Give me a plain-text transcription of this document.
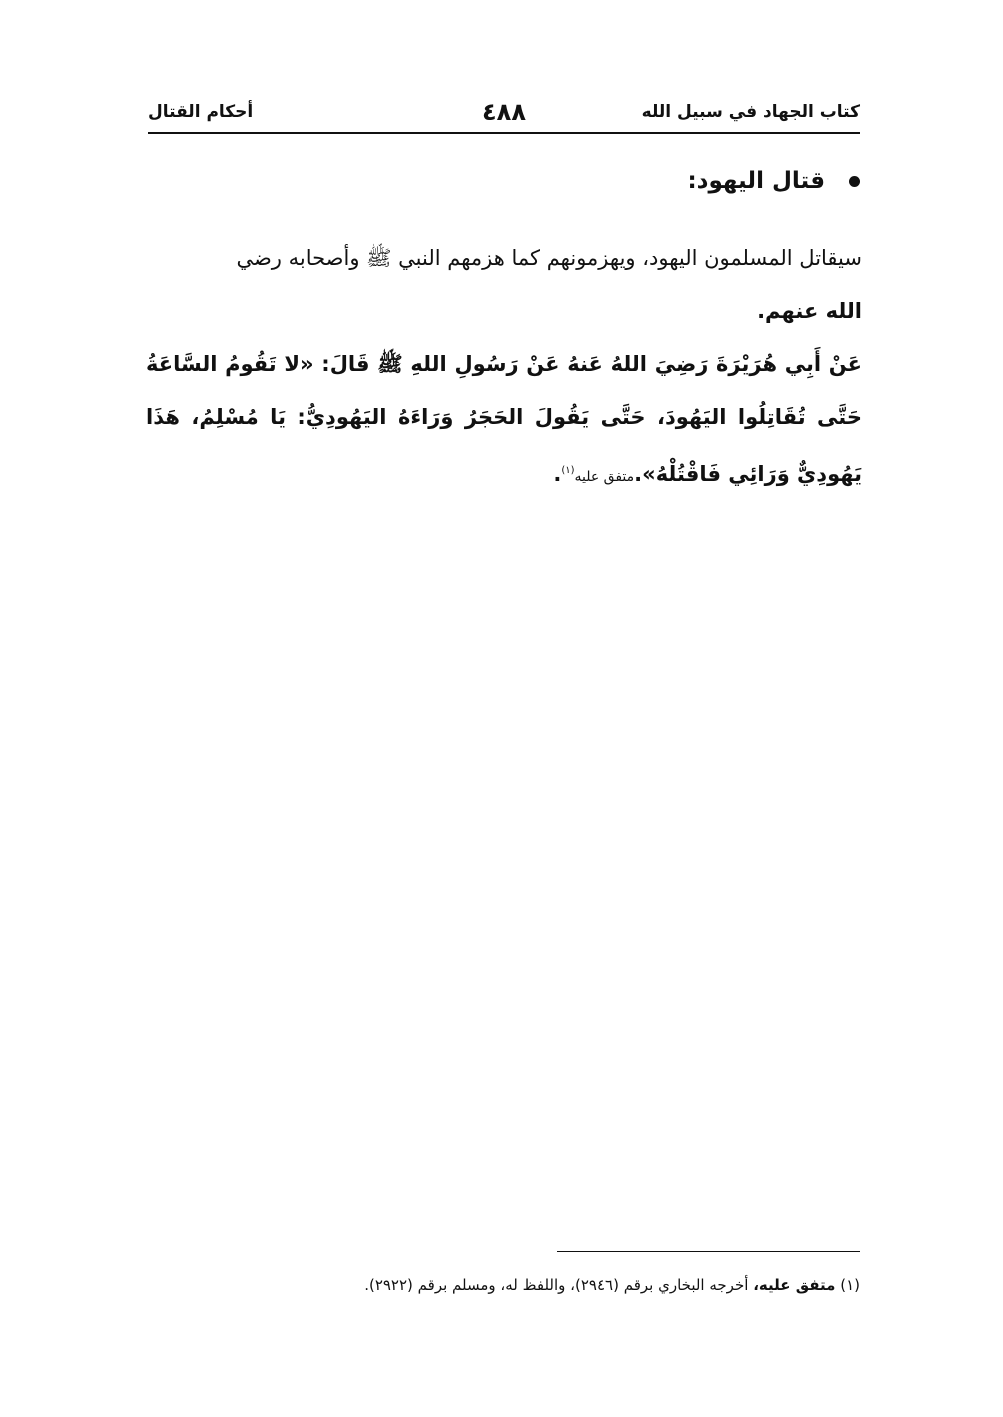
كتاب الجهاد في سبيل الله
٤٨٨
أحكام القتال
قتال اليهود:
سيقاتل المسلمون اليهود، ويهزمونهم كما هزمهم النبي ﷺ وأصحابه رضي
الله عنهم.
عَنْ أَبِي هُرَيْرَةَ رَضِيَ اللهُ عَنهُ عَنْ رَسُولِ اللهِ ﷺ قَالَ: «لا تَقُومُ السَّاعَةُ حَتَّى تُقَاتِلُوا اليَهُودَ، حَتَّى يَقُولَ الحَجَرُ وَرَاءَهُ اليَهُودِيُّ: يَا مُسْلِمُ، هَذَا يَهُودِيٌّ وَرَائِي فَاقْتُلْهُ».متفق عليه$^{(١)}$.
(١) متفق عليه، أخرجه البخاري برقم (٢٩٤٦)، واللفظ له، ومسلم برقم (٢٩٢٢).
